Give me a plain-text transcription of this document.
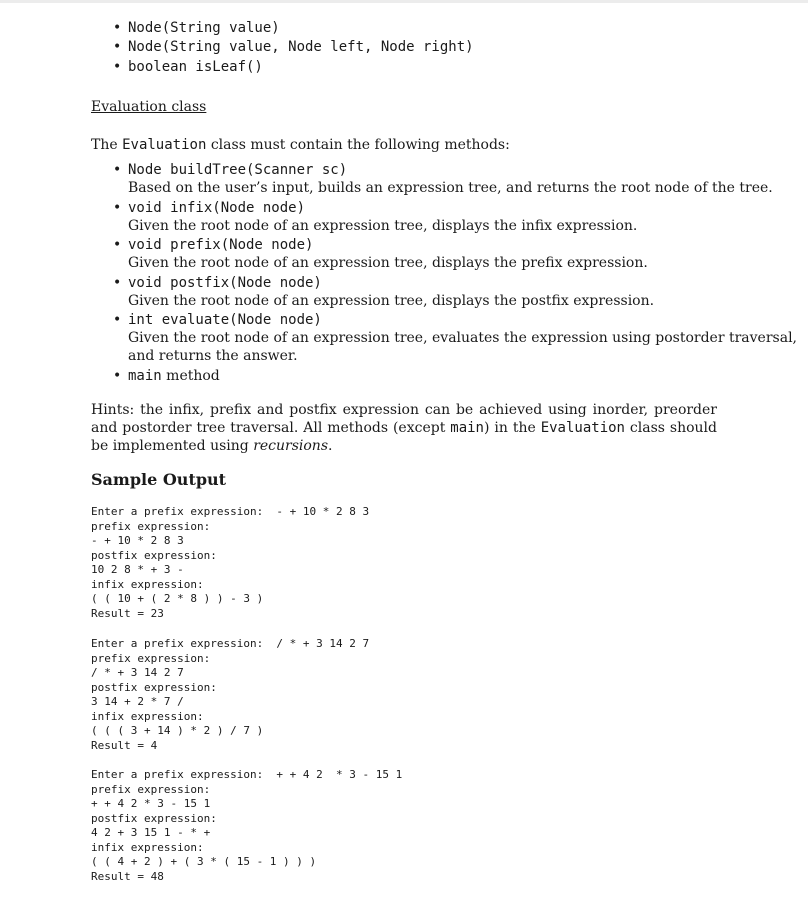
• Node(String value)
• Node(String value, Node left, Node right)
• boolean isLeaf()
Evaluation class
The Evaluation class must contain the following methods:
• Node buildTree(Scanner sc)
Based on the user’s input, builds an expression tree, and returns the root node of the tree.
• void infix(Node node)
Given the root node of an expression tree, displays the infix expression.
• void prefix(Node node)
Given the root node of an expression tree, displays the prefix expression.
• void postfix(Node node)
Given the root node of an expression tree, displays the postfix expression.
• int evaluate(Node node)
Given the root node of an expression tree, evaluates the expression using postorder traversal,
and returns the answer.
• main method
Hints: the infix, prefix and postfix expression can be achieved using inorder, preorder and postorder tree traversal. All methods (except main) in the Evaluation class should be implemented using recursions.
Sample Output
Enter a prefix expression:  - + 10 * 2 8 3
prefix expression:
- + 10 * 2 8 3
postfix expression:
10 2 8 * + 3 -
infix expression:
( ( 10 + ( 2 * 8 ) ) - 3 )
Result = 23
Enter a prefix expression:  / * + 3 14 2 7
prefix expression:
/ * + 3 14 2 7
postfix expression:
3 14 + 2 * 7 /
infix expression:
( ( ( 3 + 14 ) * 2 ) / 7 )
Result = 4
Enter a prefix expression:  + + 4 2  * 3 - 15 1
prefix expression:
+ + 4 2 * 3 - 15 1
postfix expression:
4 2 + 3 15 1 - * +
infix expression:
( ( 4 + 2 ) + ( 3 * ( 15 - 1 ) ) )
Result = 48
